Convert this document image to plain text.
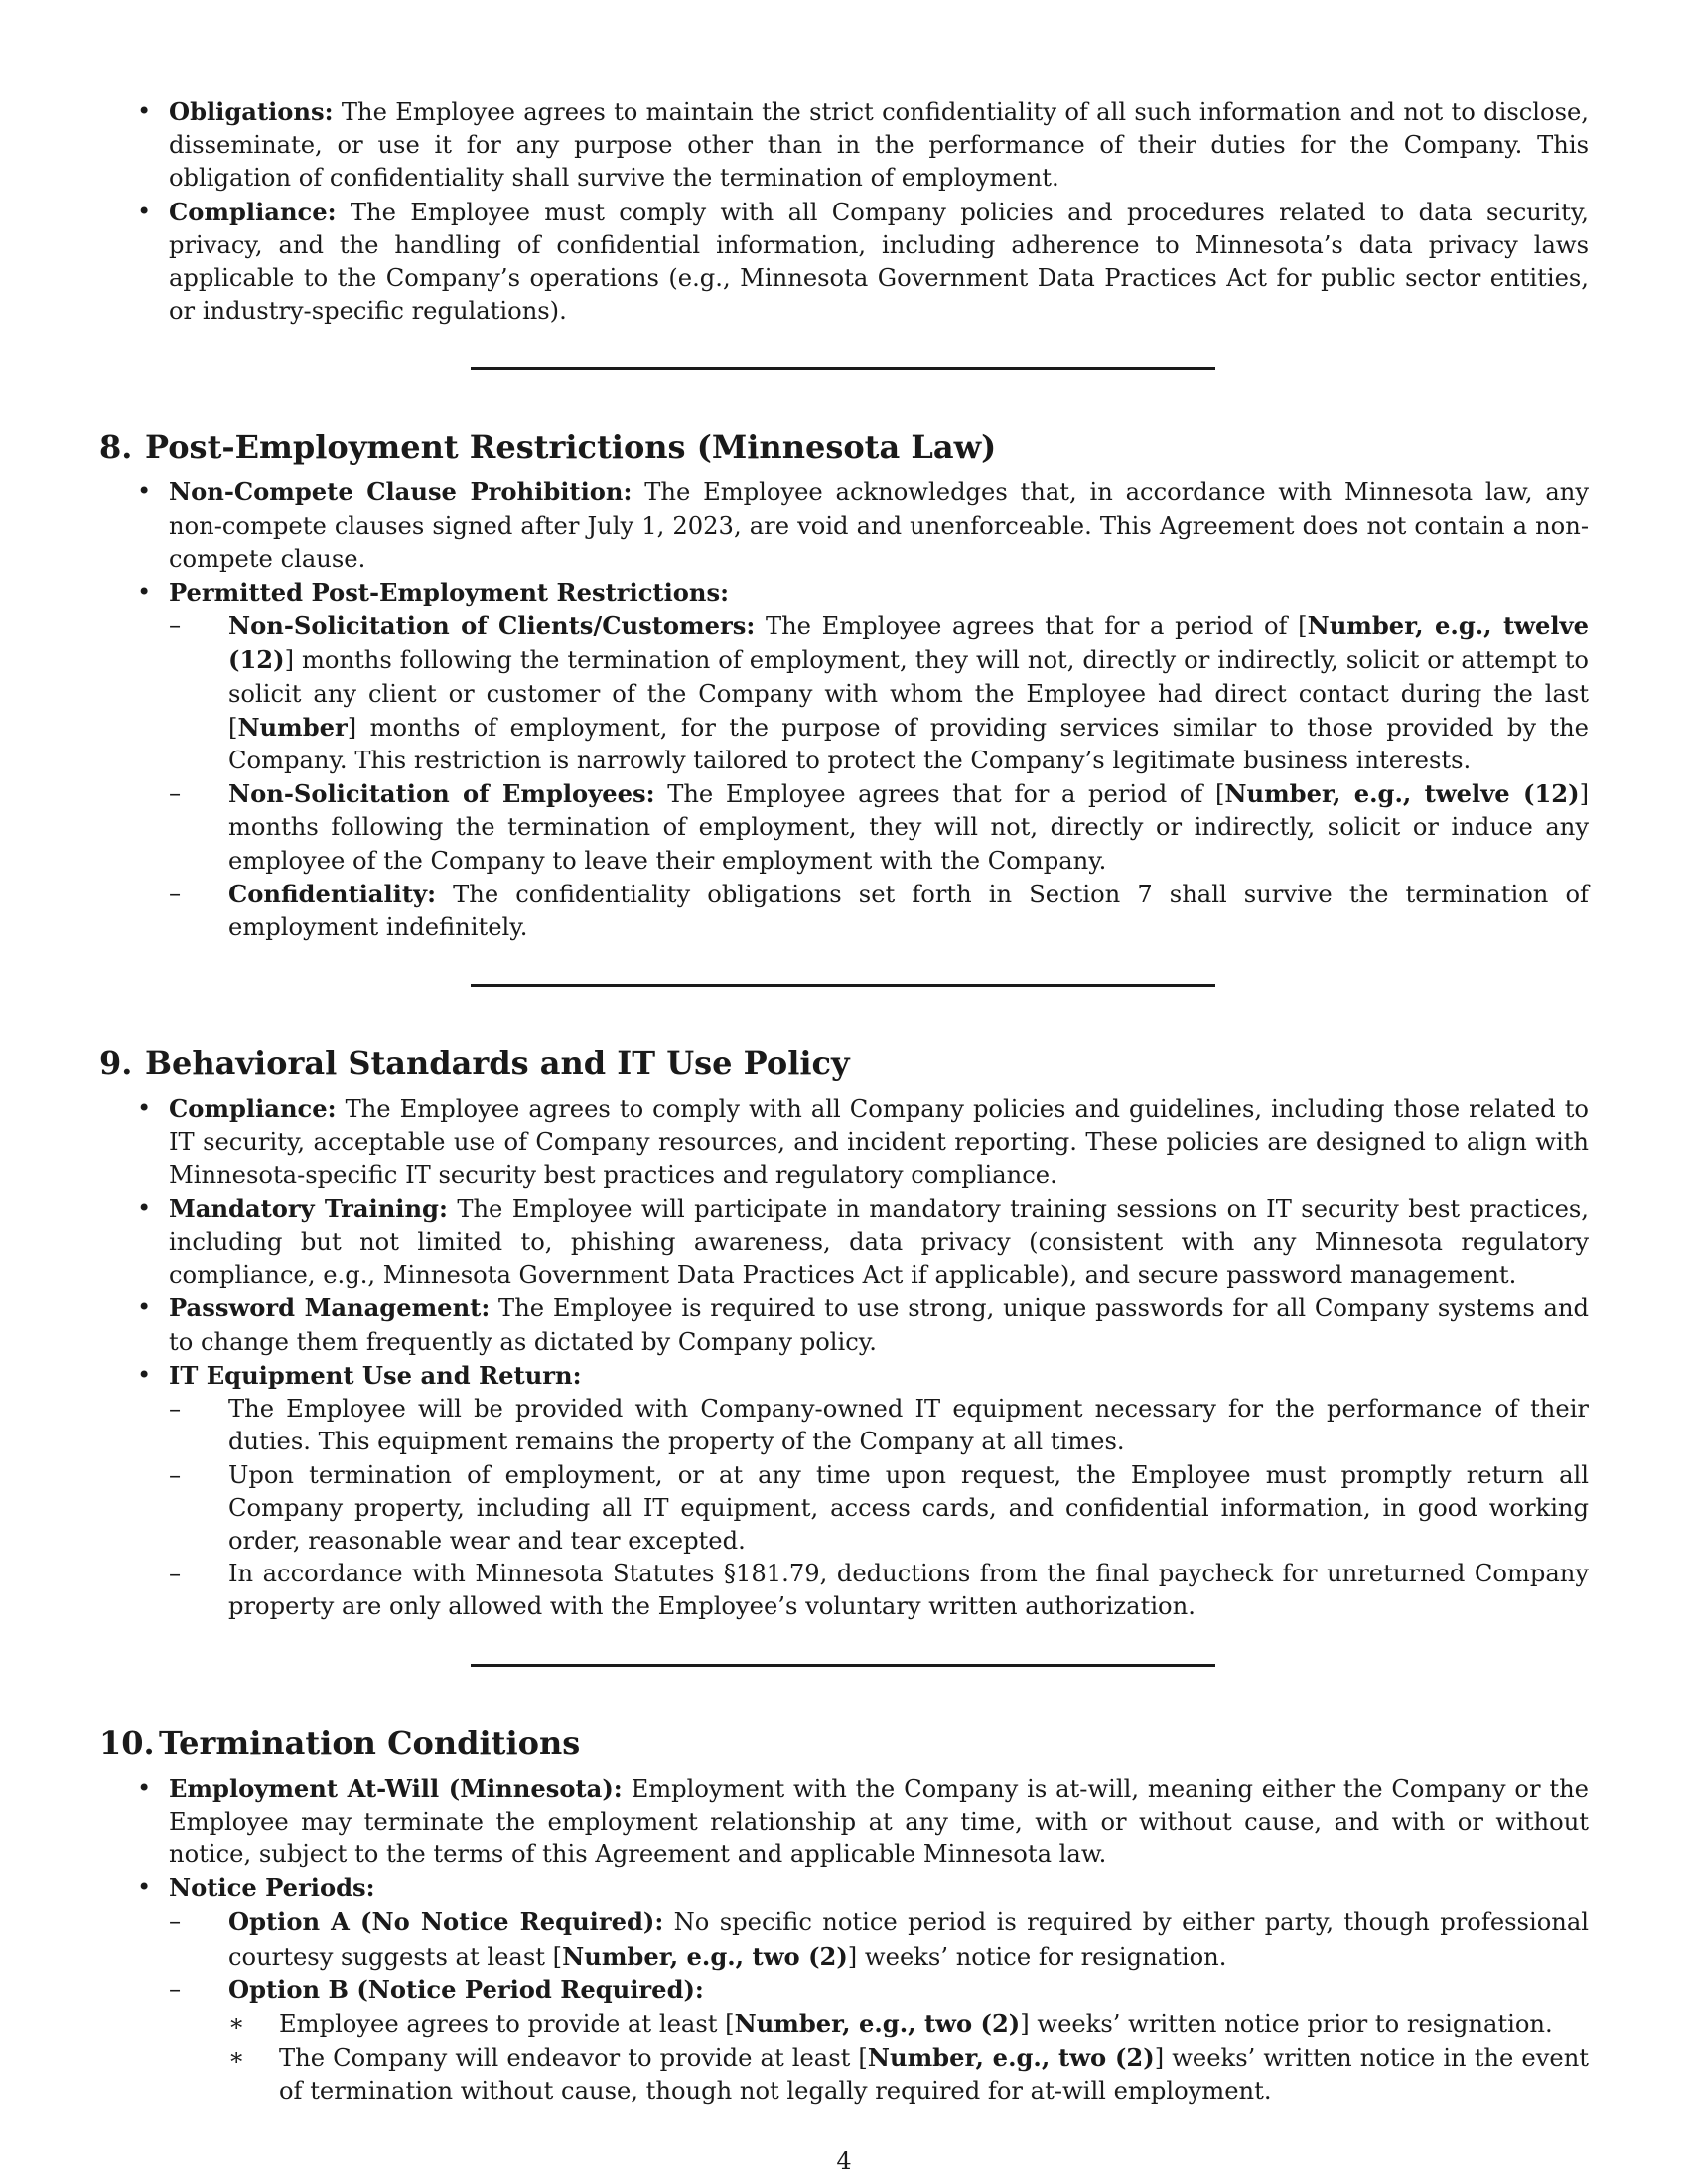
• Obligations: The Employee agrees to maintain the strict confidentiality of all such information and not to disclose, disseminate, or use it for any purpose other than in the performance of their duties for the Company. This obligation of confidentiality shall survive the termination of employment.
• Compliance: The Employee must comply with all Company policies and procedures related to data security, privacy, and the handling of confidential information, including adherence to Minnesota’s data privacy laws applicable to the Company’s operations (e.g., Minnesota Government Data Practices Act for public sector entities, or industry-specific regulations).
8. Post-Employment Restrictions (Minnesota Law)
• Non-Compete Clause Prohibition: The Employee acknowledges that, in accordance with Minnesota law, any non-compete clauses signed after July 1, 2023, are void and unenforceable. This Agreement does not contain a non-compete clause.
• Permitted Post-Employment Restrictions:
– Non-Solicitation of Clients/Customers: The Employee agrees that for a period of [Number, e.g., twelve (12)] months following the termination of employment, they will not, directly or indirectly, solicit or attempt to solicit any client or customer of the Company with whom the Employee had direct contact during the last [Number] months of employment, for the purpose of providing services similar to those provided by the Company. This restriction is narrowly tailored to protect the Company’s legitimate business interests.
– Non-Solicitation of Employees: The Employee agrees that for a period of [Number, e.g., twelve (12)] months following the termination of employment, they will not, directly or indirectly, solicit or induce any employee of the Company to leave their employment with the Company.
– Confidentiality: The confidentiality obligations set forth in Section 7 shall survive the termination of employment indefinitely.
9. Behavioral Standards and IT Use Policy
• Compliance: The Employee agrees to comply with all Company policies and guidelines, including those related to IT security, acceptable use of Company resources, and incident reporting. These policies are designed to align with Minnesota-specific IT security best practices and regulatory compliance.
• Mandatory Training: The Employee will participate in mandatory training sessions on IT security best practices, including but not limited to, phishing awareness, data privacy (consistent with any Minnesota regulatory compliance, e.g., Minnesota Government Data Practices Act if applicable), and secure password management.
• Password Management: The Employee is required to use strong, unique passwords for all Company systems and to change them frequently as dictated by Company policy.
• IT Equipment Use and Return:
– The Employee will be provided with Company-owned IT equipment necessary for the performance of their duties. This equipment remains the property of the Company at all times.
– Upon termination of employment, or at any time upon request, the Employee must promptly return all Company property, including all IT equipment, access cards, and confidential information, in good working order, reasonable wear and tear excepted.
– In accordance with Minnesota Statutes §181.79, deductions from the final paycheck for unreturned Company property are only allowed with the Employee’s voluntary written authorization.
10. Termination Conditions
• Employment At-Will (Minnesota): Employment with the Company is at-will, meaning either the Company or the Employee may terminate the employment relationship at any time, with or without cause, and with or without notice, subject to the terms of this Agreement and applicable Minnesota law.
• Notice Periods:
– Option A (No Notice Required): No specific notice period is required by either party, though professional courtesy suggests at least [Number, e.g., two (2)] weeks’ notice for resignation.
– Option B (Notice Period Required):
∗ Employee agrees to provide at least [Number, e.g., two (2)] weeks’ written notice prior to resignation.
∗ The Company will endeavor to provide at least [Number, e.g., two (2)] weeks’ written notice in the event of termination without cause, though not legally required for at-will employment.
4
